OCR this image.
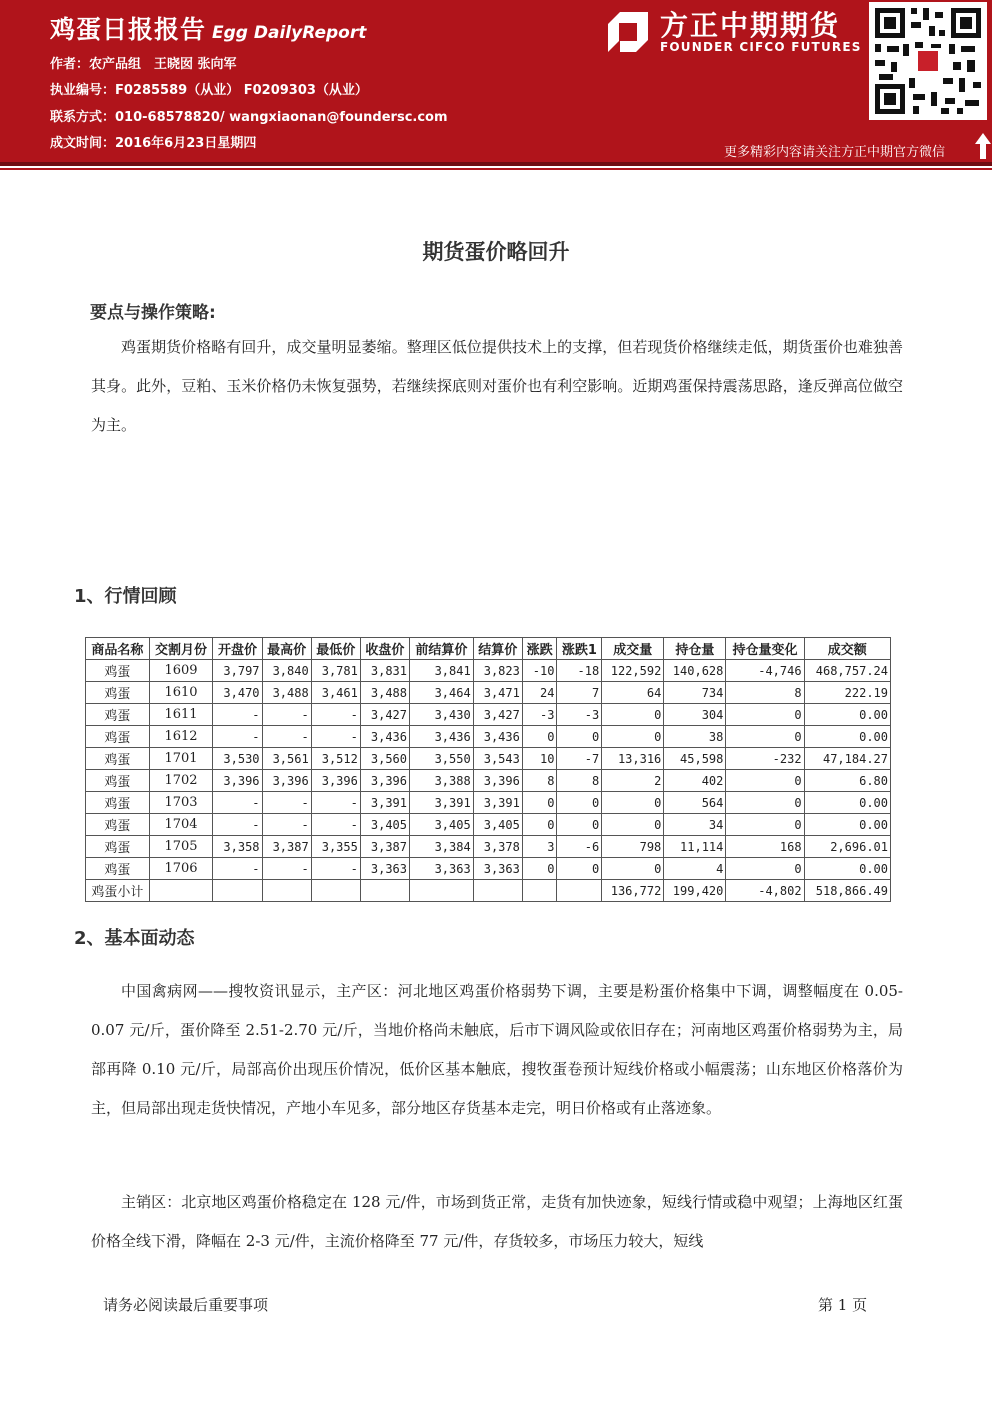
鸡蛋日报报告 Egg DailyReport
作者：农产品组　王晓囡 张向军
执业编号：F0285589（从业） F0209303（从业）
联系方式：010-68578820/ wangxiaonan@foundersc.com
成文时间：2016年6月23日星期四
方正中期期货
FOUNDER CIFCO FUTURES
更多精彩内容请关注方正中期官方微信
期货蛋价略回升
要点与操作策略:

鸡蛋期货价格略有回升，成交量明显萎缩。整理区低位提供技术上的支撑，但若现货价格继续走低，期货蛋价也难独善其身。此外，豆粕、玉米价格仍未恢复强势，若继续探底则对蛋价也有利空影响。近期鸡蛋保持震荡思路，逢反弹高位做空为主。

1、行情回顾
商品名称	交割月份	开盘价	最高价	最低价	收盘价	前结算价	结算价	涨跌	涨跌1	成交量	持仓量	持仓量变化	成交额
鸡蛋	1609	3,797	3,840	3,781	3,831	3,841	3,823	-10	-18	122,592	140,628	-4,746	468,757.24
鸡蛋	1610	3,470	3,488	3,461	3,488	3,464	3,471	24	7	64	734	8	222.19
鸡蛋	1611	-	-	-	3,427	3,430	3,427	-3	-3	0	304	0	0.00
鸡蛋	1612	-	-	-	3,436	3,436	3,436	0	0	0	38	0	0.00
鸡蛋	1701	3,530	3,561	3,512	3,560	3,550	3,543	10	-7	13,316	45,598	-232	47,184.27
鸡蛋	1702	3,396	3,396	3,396	3,396	3,388	3,396	8	8	2	402	0	6.80
鸡蛋	1703	-	-	-	3,391	3,391	3,391	0	0	0	564	0	0.00
鸡蛋	1704	-	-	-	3,405	3,405	3,405	0	0	0	34	0	0.00
鸡蛋	1705	3,358	3,387	3,355	3,387	3,384	3,378	3	-6	798	11,114	168	2,696.01
鸡蛋	1706	-	-	-	3,363	3,363	3,363	0	0	0	4	0	0.00
鸡蛋小计										136,772	199,420	-4,802	518,866.49
2、基本面动态

中国禽病网——搜牧资讯显示，主产区：河北地区鸡蛋价格弱势下调，主要是粉蛋价格集中下调，调整幅度在 0.05-0.07 元/斤，蛋价降至 2.51-2.70 元/斤，当地价格尚未触底，后市下调风险或依旧存在；河南地区鸡蛋价格弱势为主，局部再降 0.10 元/斤，局部高价出现压价情况，低价区基本触底，搜牧蛋卷预计短线价格或小幅震荡；山东地区价格落价为主，但局部出现走货快情况，产地小车见多，部分地区存货基本走完，明日价格或有止落迹象。

主销区：北京地区鸡蛋价格稳定在 128 元/件，市场到货正常，走货有加快迹象，短线行情或稳中观望；上海地区红蛋价格全线下滑，降幅在 2-3 元/件，主流价格降至 77 元/件，存货较多，市场压力较大，短线

请务必阅读最后重要事项	第 1 页
